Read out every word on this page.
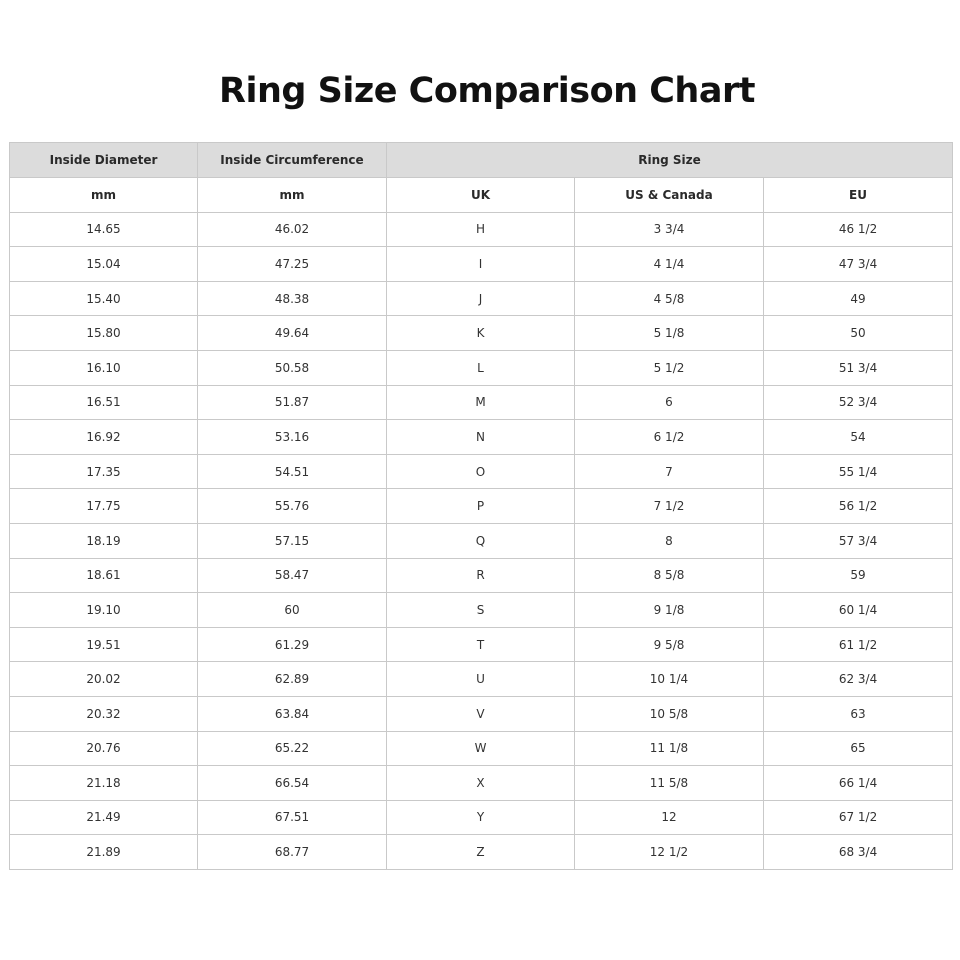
Ring Size Comparison Chart
Inside Diameter	Inside Circumference	Ring Size		
mm	mm	UK	US & Canada	EU
14.65	46.02	H	3 3/4	46 1/2
15.04	47.25	I	4 1/4	47 3/4
15.40	48.38	J	4 5/8	49
15.80	49.64	K	5 1/8	50
16.10	50.58	L	5 1/2	51 3/4
16.51	51.87	M	6	52 3/4
16.92	53.16	N	6 1/2	54
17.35	54.51	O	7	55 1/4
17.75	55.76	P	7 1/2	56 1/2
18.19	57.15	Q	8	57 3/4
18.61	58.47	R	8 5/8	59
19.10	60	S	9 1/8	60 1/4
19.51	61.29	T	9 5/8	61 1/2
20.02	62.89	U	10 1/4	62 3/4
20.32	63.84	V	10 5/8	63
20.76	65.22	W	11 1/8	65
21.18	66.54	X	11 5/8	66 1/4
21.49	67.51	Y	12	67 1/2
21.89	68.77	Z	12 1/2	68 3/4
